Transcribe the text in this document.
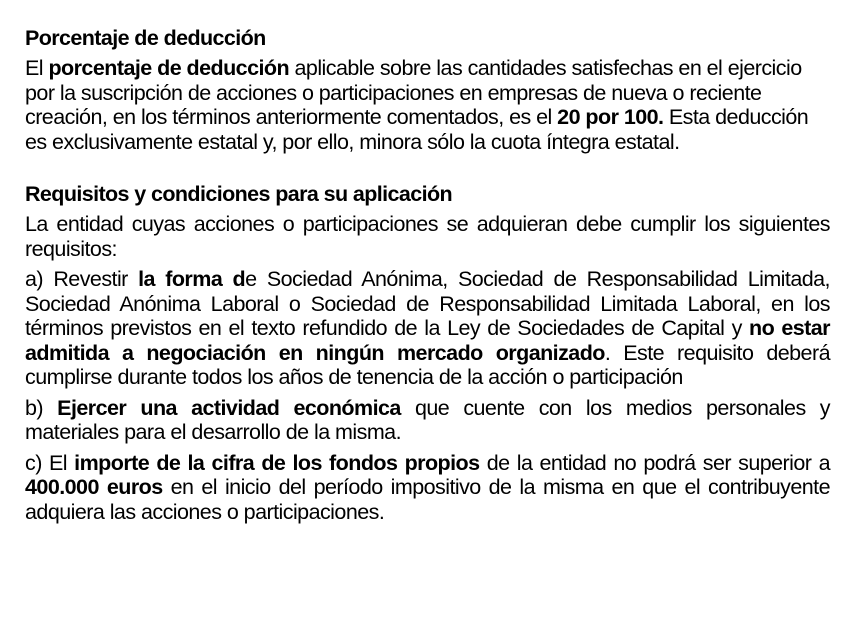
Porcentaje de deducción

El porcentaje de deducción aplicable sobre las cantidades satisfechas en el ejercicio por la suscripción de acciones o participaciones en empresas de nueva o reciente creación, en los términos anteriormente comentados, es el 20 por 100. Esta deducción es exclusivamente estatal y, por ello, minora sólo la cuota íntegra estatal.

Requisitos y condiciones para su aplicación

La entidad cuyas acciones o participaciones se adquieran debe cumplir los siguientes requisitos:

a) Revestir la forma de Sociedad Anónima, Sociedad de Responsabilidad Limitada, Sociedad Anónima Laboral o Sociedad de Responsabilidad Limitada Laboral, en los términos previstos en el texto refundido de la Ley de Sociedades de Capital y no estar admitida a negociación en ningún mercado organizado. Este requisito deberá cumplirse durante todos los años de tenencia de la acción o participación

b) Ejercer una actividad económica que cuente con los medios personales y materiales para el desarrollo de la misma.

c) El importe de la cifra de los fondos propios de la entidad no podrá ser superior a 400.000 euros en el inicio del período impositivo de la misma en que el contribuyente adquiera las acciones o participaciones.
